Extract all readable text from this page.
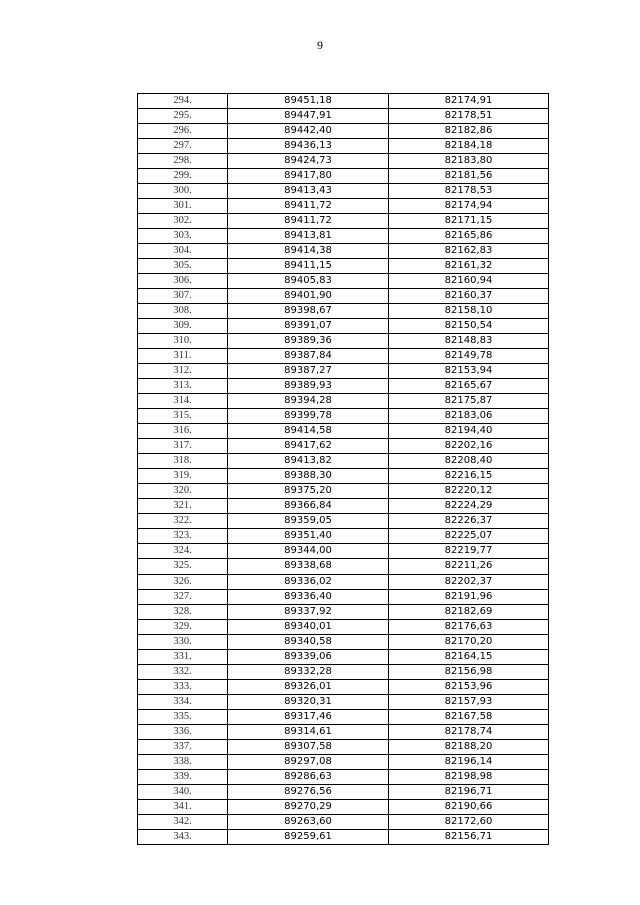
9
294.	89451,18	82174,91
295.	89447,91	82178,51
296.	89442,40	82182,86
297.	89436,13	82184,18
298.	89424,73	82183,80
299.	89417,80	82181,56
300.	89413,43	82178,53
301.	89411,72	82174,94
302.	89411,72	82171,15
303.	89413,81	82165,86
304.	89414,38	82162,83
305.	89411,15	82161,32
306.	89405,83	82160,94
307.	89401,90	82160,37
308.	89398,67	82158,10
309.	89391,07	82150,54
310.	89389,36	82148,83
311.	89387,84	82149,78
312.	89387,27	82153,94
313.	89389,93	82165,67
314.	89394,28	82175,87
315.	89399,78	82183,06
316.	89414,58	82194,40
317.	89417,62	82202,16
318.	89413,82	82208,40
319.	89388,30	82216,15
320.	89375,20	82220,12
321.	89366,84	82224,29
322.	89359,05	82226,37
323.	89351,40	82225,07
324.	89344,00	82219,77
325.	89338,68	82211,26
326.	89336,02	82202,37
327.	89336,40	82191,96
328.	89337,92	82182,69
329.	89340,01	82176,63
330.	89340,58	82170,20
331.	89339,06	82164,15
332.	89332,28	82156,98
333.	89326,01	82153,96
334.	89320,31	82157,93
335.	89317,46	82167,58
336.	89314,61	82178,74
337.	89307,58	82188,20
338.	89297,08	82196,14
339.	89286,63	82198,98
340.	89276,56	82196,71
341.	89270,29	82190,66
342.	89263,60	82172,60
343.	89259,61	82156,71
